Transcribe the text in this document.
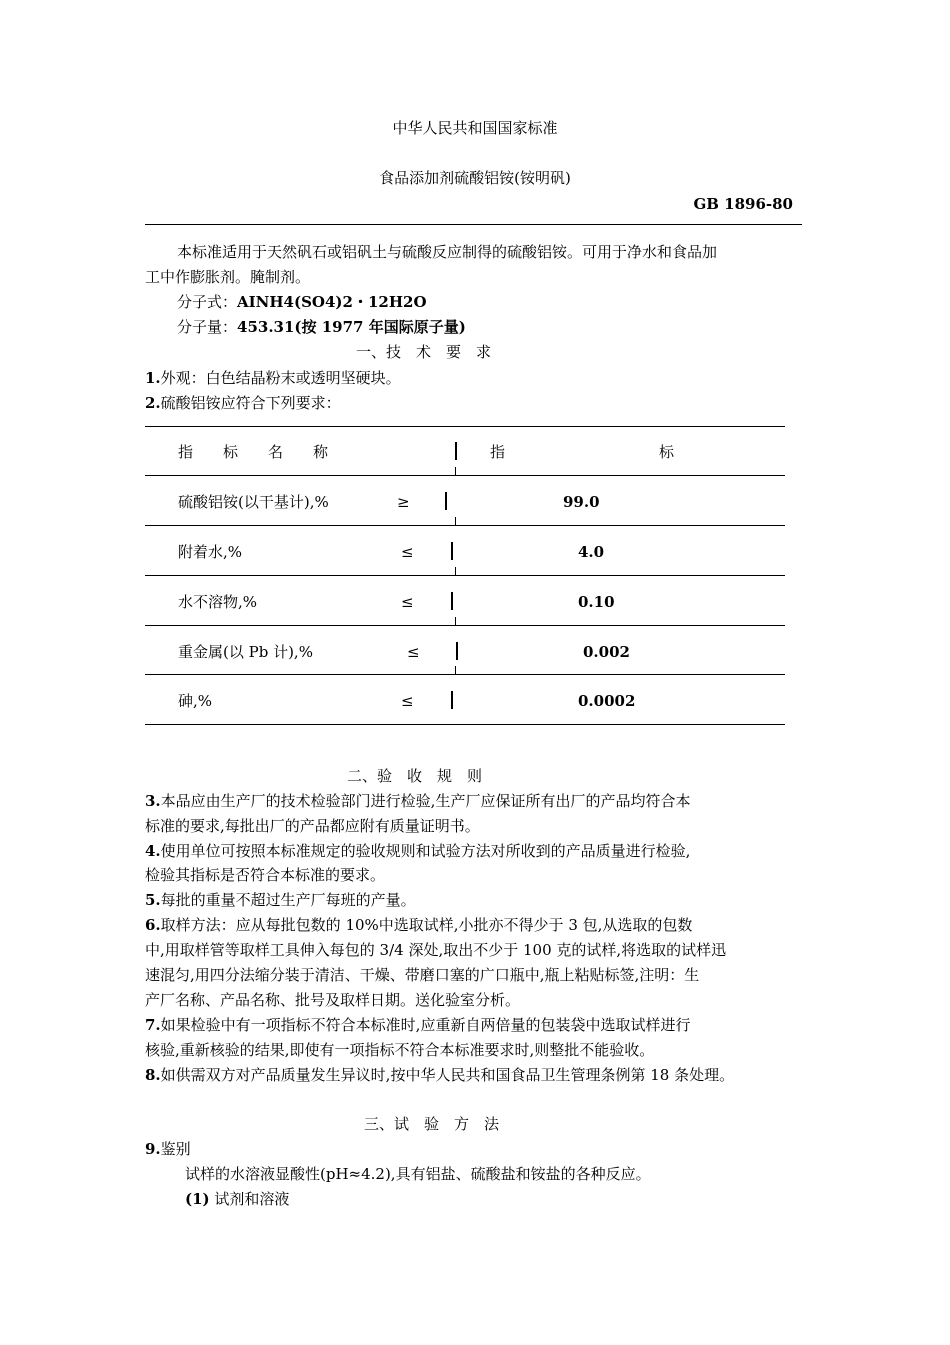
中华人民共和国国家标准
食品添加剂硫酸铝铵(铵明矾)
GB 1896-80
本标准适用于天然矾石或铝矾土与硫酸反应制得的硫酸铝铵。可用于净水和食品加
工中作膨胀剂。腌制剂。
分子式：AINH4(SO4)2・12H2O
分子量：453.31(按 1977 年国际原子量)
一、技　术　要　求
1.外观：白色结晶粉末或透明坚硬块。
2.硫酸铝铵应符合下列要求：
指　　标　　名　　称	指	标
硫酸铝铵(以干基计),%	≥	99.0
附着水,%	≤	4.0
水不溶物,%	≤	0.10
重金属(以 Pb 计),%	≤	0.002
砷,%	≤	0.0002
二、验　收　规　则
3.本品应由生产厂的技术检验部门进行检验,生产厂应保证所有出厂的产品均符合本
标准的要求,每批出厂的产品都应附有质量证明书。
4.使用单位可按照本标准规定的验收规则和试验方法对所收到的产品质量进行检验,
检验其指标是否符合本标准的要求。
5.每批的重量不超过生产厂每班的产量。
6.取样方法：应从每批包数的 10%中选取试样,小批亦不得少于 3 包,从选取的包数
中,用取样管等取样工具伸入每包的 3/4 深处,取出不少于 100 克的试样,将选取的试样迅
速混匀,用四分法缩分装于清洁、干燥、带磨口塞的广口瓶中,瓶上粘贴标签,注明：生
产厂名称、产品名称、批号及取样日期。送化验室分析。
7.如果检验中有一项指标不符合本标准时,应重新自两倍量的包装袋中选取试样进行
核验,重新核验的结果,即使有一项指标不符合本标准要求时,则整批不能验收。
8.如供需双方对产品质量发生异议时,按中华人民共和国食品卫生管理条例第 18 条处理。
三、试　验　方　法
9.鉴别
试样的水溶液显酸性(pH≈4.2),具有铝盐、硫酸盐和铵盐的各种反应。
(1) 试剂和溶液
